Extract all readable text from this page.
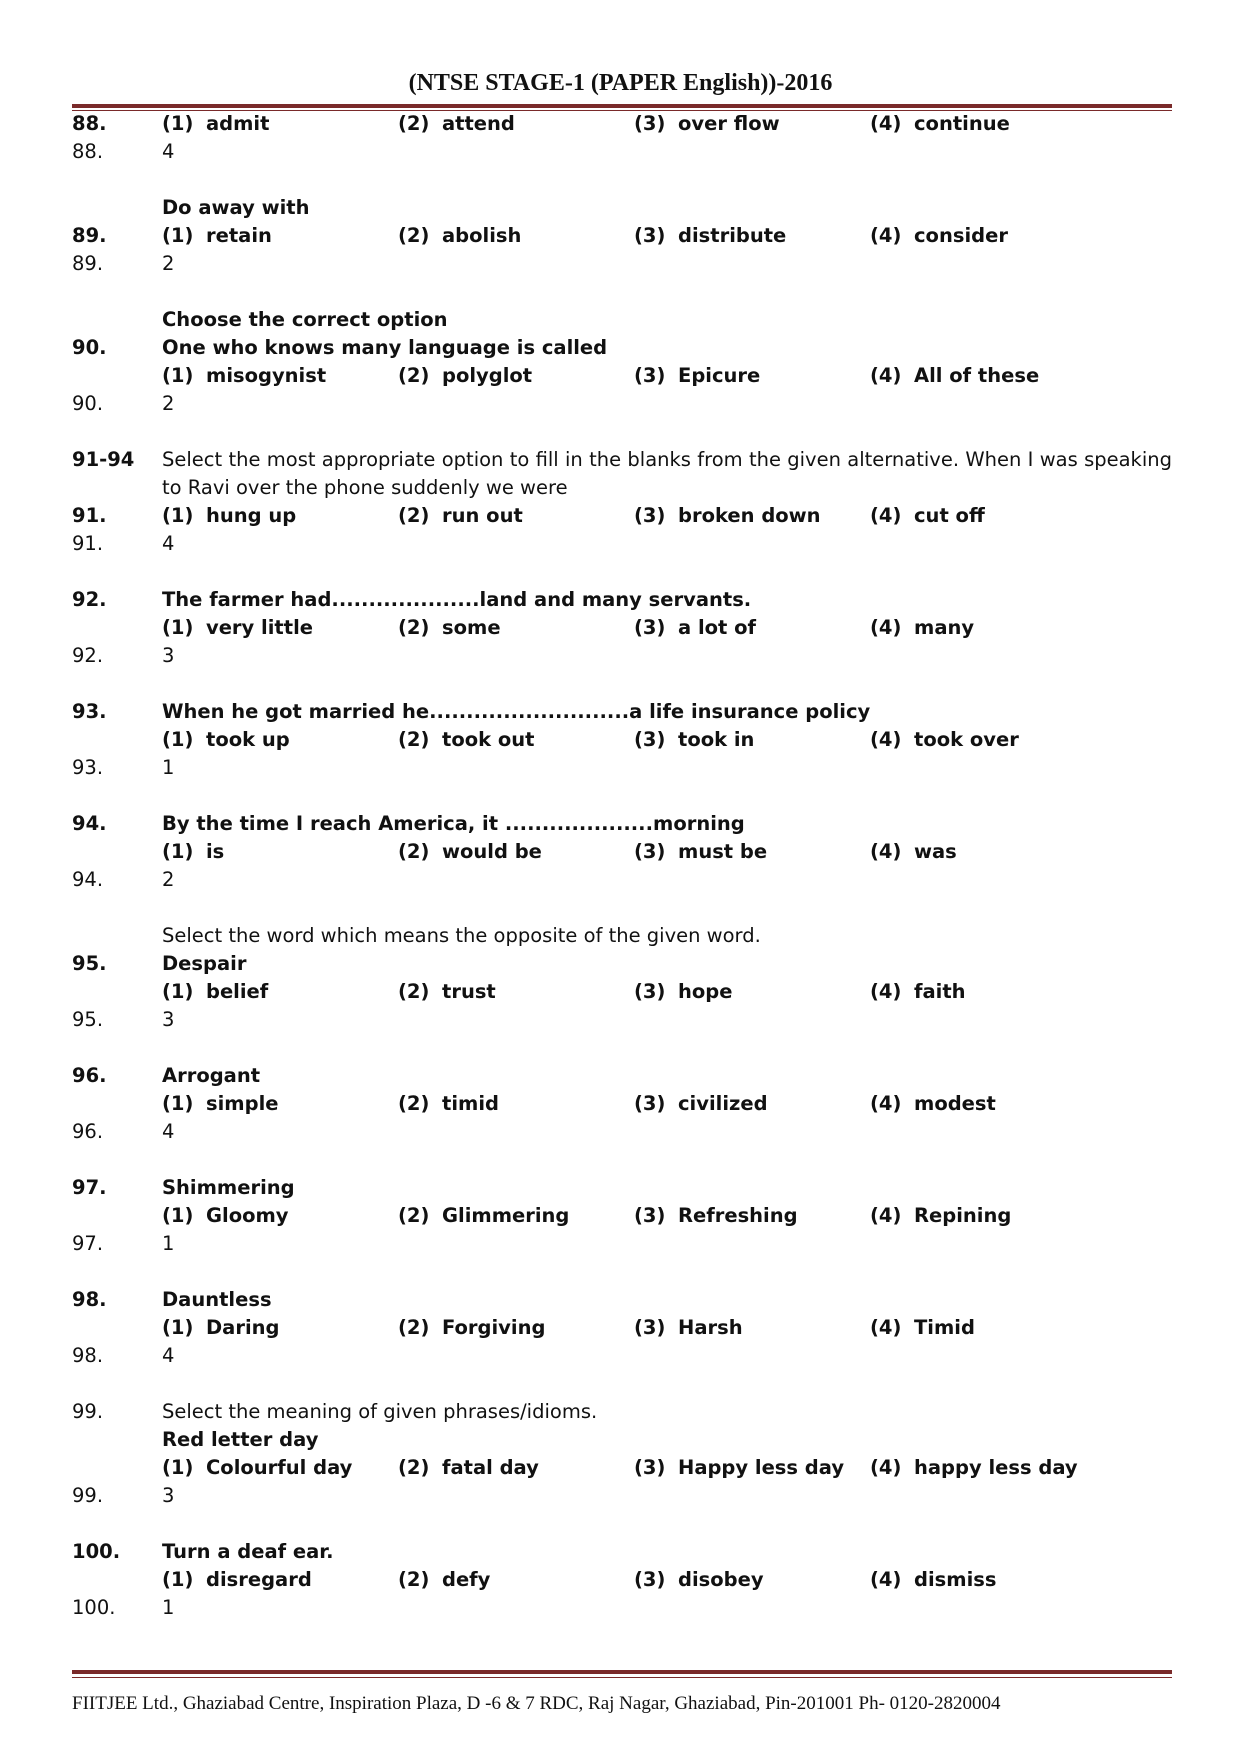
(NTSE STAGE-1 (PAPER English))-2016
88.	(1) admit	(2) attend	(3) over flow	(4) continue
88.	4
Do away with
89.	(1) retain	(2) abolish	(3) distribute	(4) consider
89.	2
Choose the correct option
90.	One who knows many language is called
(1) misogynist	(2) polyglot	(3) Epicure	(4) All of these
90.	2
91-94 Select the most appropriate option to fill in the blanks from the given alternative. When I was speaking to Ravi over the phone suddenly we were
91.	(1) hung up	(2) run out	(3) broken down	(4) cut off
91.	4
92.	The farmer had....................land and many servants.
(1) very little	(2) some	(3) a lot of	(4) many
92.	3
93.	When he got married he...........................a life insurance policy
(1) took up	(2) took out	(3) took in	(4) took over
93.	1
94.	By the time I reach America, it ....................morning
(1) is	(2) would be	(3) must be	(4) was
94.	2
Select the word which means the opposite of the given word.
95.	Despair
(1) belief	(2) trust	(3) hope	(4) faith
95.	3
96.	Arrogant
(1) simple	(2) timid	(3) civilized	(4) modest
96.	4
97.	Shimmering
(1) Gloomy	(2) Glimmering	(3) Refreshing	(4) Repining
97.	1
98.	Dauntless
(1) Daring	(2) Forgiving	(3) Harsh	(4) Timid
98.	4
99.	Select the meaning of given phrases/idioms.
Red letter day
(1) Colourful day (2) fatal day	(3) Happy less day (4) happy less day
99.	3
100. Turn a deaf ear.
(1) disregard	(2) defy	(3) disobey	(4) dismiss
100. 1
FIITJEE Ltd., Ghaziabad Centre, Inspiration Plaza, D -6 & 7 RDC, Raj Nagar, Ghaziabad, Pin-201001 Ph- 0120-2820004
